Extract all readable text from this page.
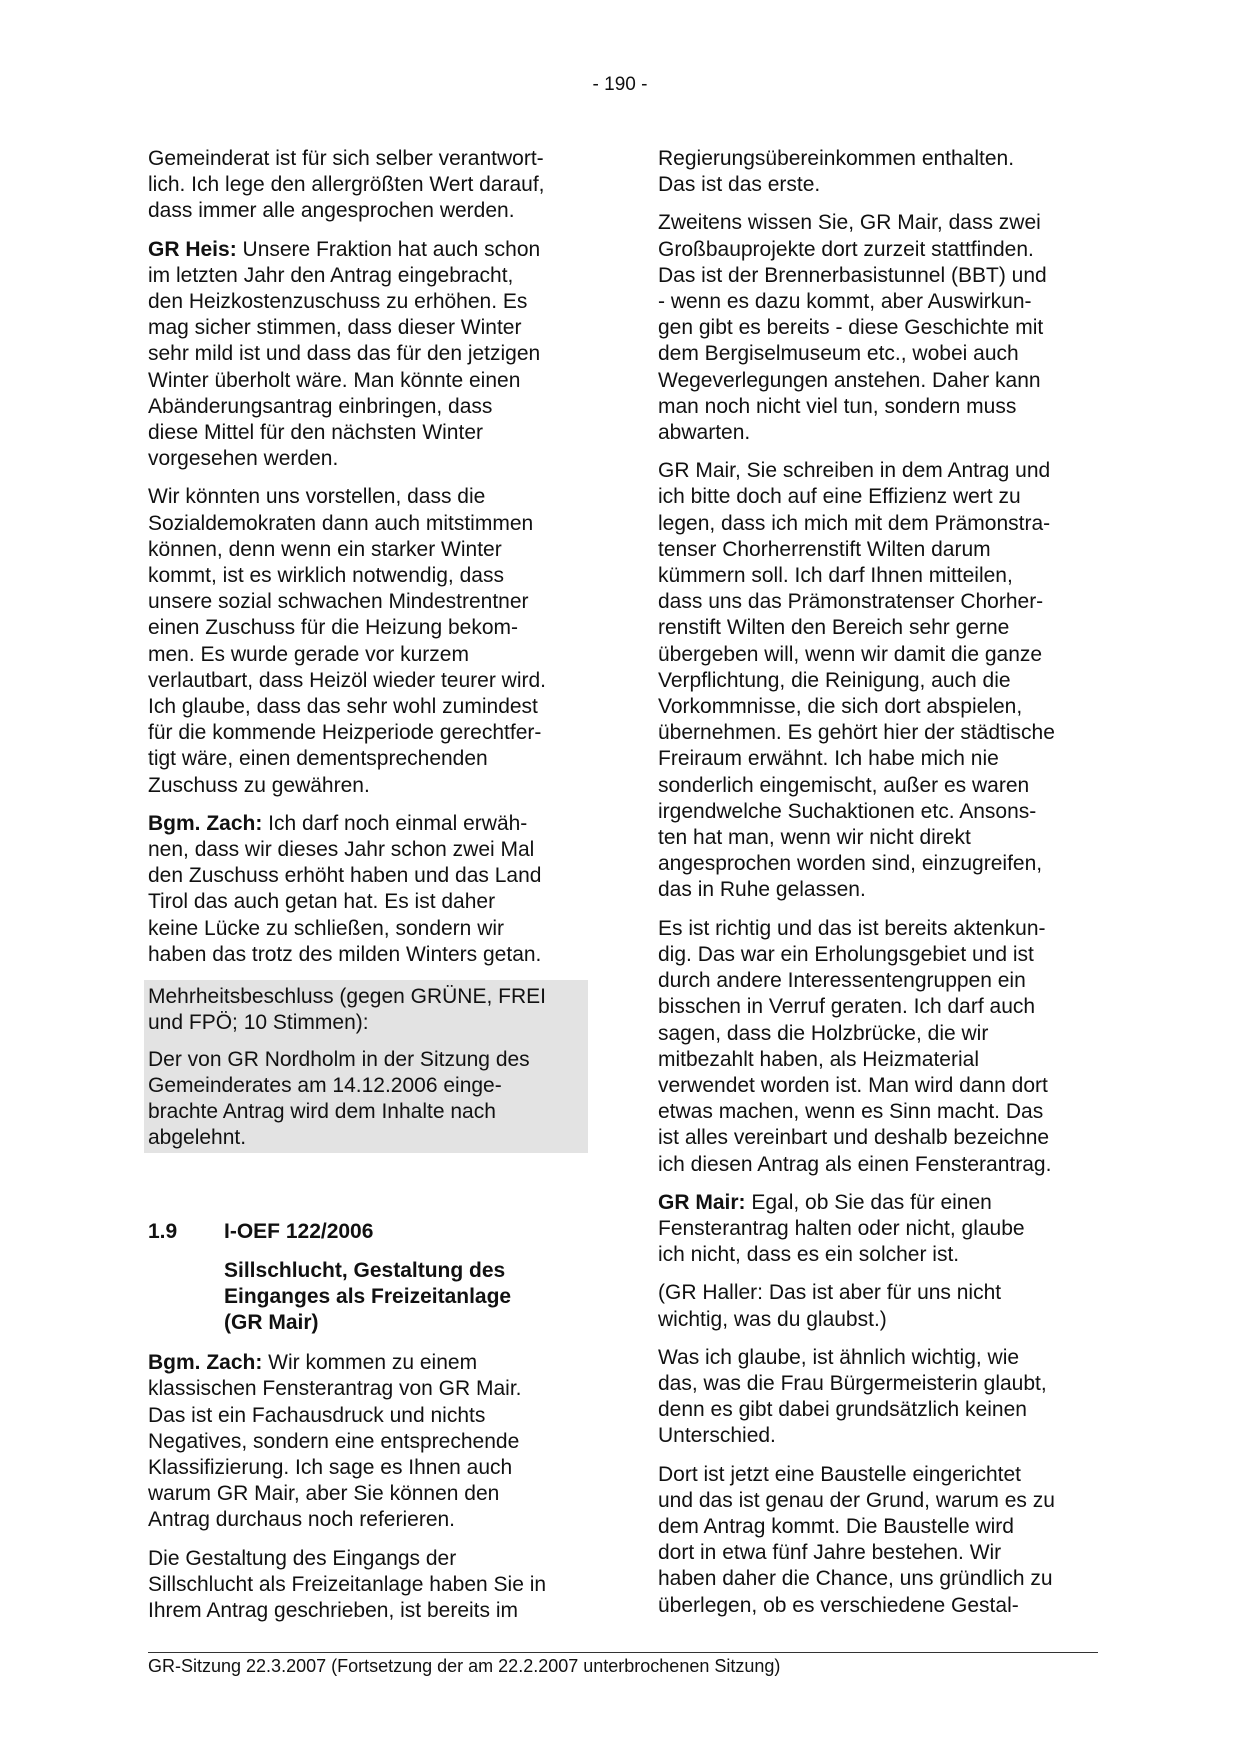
- 190 -

Gemeinderat ist für sich selber verantwort-
lich. Ich lege den allergrößten Wert darauf,
dass immer alle angesprochen werden.

GR Heis: Unsere Fraktion hat auch schon
im letzten Jahr den Antrag eingebracht,
den Heizkostenzuschuss zu erhöhen. Es
mag sicher stimmen, dass dieser Winter
sehr mild ist und dass das für den jetzigen
Winter überholt wäre. Man könnte einen
Abänderungsantrag einbringen, dass
diese Mittel für den nächsten Winter
vorgesehen werden.

Wir könnten uns vorstellen, dass die
Sozialdemokraten dann auch mitstimmen
können, denn wenn ein starker Winter
kommt, ist es wirklich notwendig, dass
unsere sozial schwachen Mindestrentner
einen Zuschuss für die Heizung bekom-
men. Es wurde gerade vor kurzem
verlautbart, dass Heizöl wieder teurer wird.
Ich glaube, dass das sehr wohl zumindest
für die kommende Heizperiode gerechtfer-
tigt wäre, einen dementsprechenden
Zuschuss zu gewähren.

Bgm. Zach: Ich darf noch einmal erwäh-
nen, dass wir dieses Jahr schon zwei Mal
den Zuschuss erhöht haben und das Land
Tirol das auch getan hat. Es ist daher
keine Lücke zu schließen, sondern wir
haben das trotz des milden Winters getan.

Mehrheitsbeschluss (gegen GRÜNE, FREI
und FPÖ; 10 Stimmen):

Der von GR Nordholm in der Sitzung des
Gemeinderates am 14.12.2006 einge-
brachte Antrag wird dem Inhalte nach
abgelehnt.

1.9	I-OEF 122/2006
Sillschlucht, Gestaltung des
Einganges als Freizeitanlage
(GR Mair)

Bgm. Zach: Wir kommen zu einem
klassischen Fensterantrag von GR Mair.
Das ist ein Fachausdruck und nichts
Negatives, sondern eine entsprechende
Klassifizierung. Ich sage es Ihnen auch
warum GR Mair, aber Sie können den
Antrag durchaus noch referieren.

Die Gestaltung des Eingangs der
Sillschlucht als Freizeitanlage haben Sie in
Ihrem Antrag geschrieben, ist bereits im

Regierungsübereinkommen enthalten.
Das ist das erste.

Zweitens wissen Sie, GR Mair, dass zwei
Großbauprojekte dort zurzeit stattfinden.
Das ist der Brennerbasistunnel (BBT) und
- wenn es dazu kommt, aber Auswirkun-
gen gibt es bereits - diese Geschichte mit
dem Bergiselmuseum etc., wobei auch
Wegeverlegungen anstehen. Daher kann
man noch nicht viel tun, sondern muss
abwarten.

GR Mair, Sie schreiben in dem Antrag und
ich bitte doch auf eine Effizienz wert zu
legen, dass ich mich mit dem Prämonstra-
tenser Chorherrenstift Wilten darum
kümmern soll. Ich darf Ihnen mitteilen,
dass uns das Prämonstratenser Chorher-
renstift Wilten den Bereich sehr gerne
übergeben will, wenn wir damit die ganze
Verpflichtung, die Reinigung, auch die
Vorkommnisse, die sich dort abspielen,
übernehmen. Es gehört hier der städtische
Freiraum erwähnt. Ich habe mich nie
sonderlich eingemischt, außer es waren
irgendwelche Suchaktionen etc. Ansons-
ten hat man, wenn wir nicht direkt
angesprochen worden sind, einzugreifen,
das in Ruhe gelassen.

Es ist richtig und das ist bereits aktenkun-
dig. Das war ein Erholungsgebiet und ist
durch andere Interessentengruppen ein
bisschen in Verruf geraten. Ich darf auch
sagen, dass die Holzbrücke, die wir
mitbezahlt haben, als Heizmaterial
verwendet worden ist. Man wird dann dort
etwas machen, wenn es Sinn macht. Das
ist alles vereinbart und deshalb bezeichne
ich diesen Antrag als einen Fensterantrag.

GR Mair: Egal, ob Sie das für einen
Fensterantrag halten oder nicht, glaube
ich nicht, dass es ein solcher ist.

(GR Haller: Das ist aber für uns nicht
wichtig, was du glaubst.)

Was ich glaube, ist ähnlich wichtig, wie
das, was die Frau Bürgermeisterin glaubt,
denn es gibt dabei grundsätzlich keinen
Unterschied.

Dort ist jetzt eine Baustelle eingerichtet
und das ist genau der Grund, warum es zu
dem Antrag kommt. Die Baustelle wird
dort in etwa fünf Jahre bestehen. Wir
haben daher die Chance, uns gründlich zu
überlegen, ob es verschiedene Gestal-

GR-Sitzung 22.3.2007 (Fortsetzung der am 22.2.2007 unterbrochenen Sitzung)
